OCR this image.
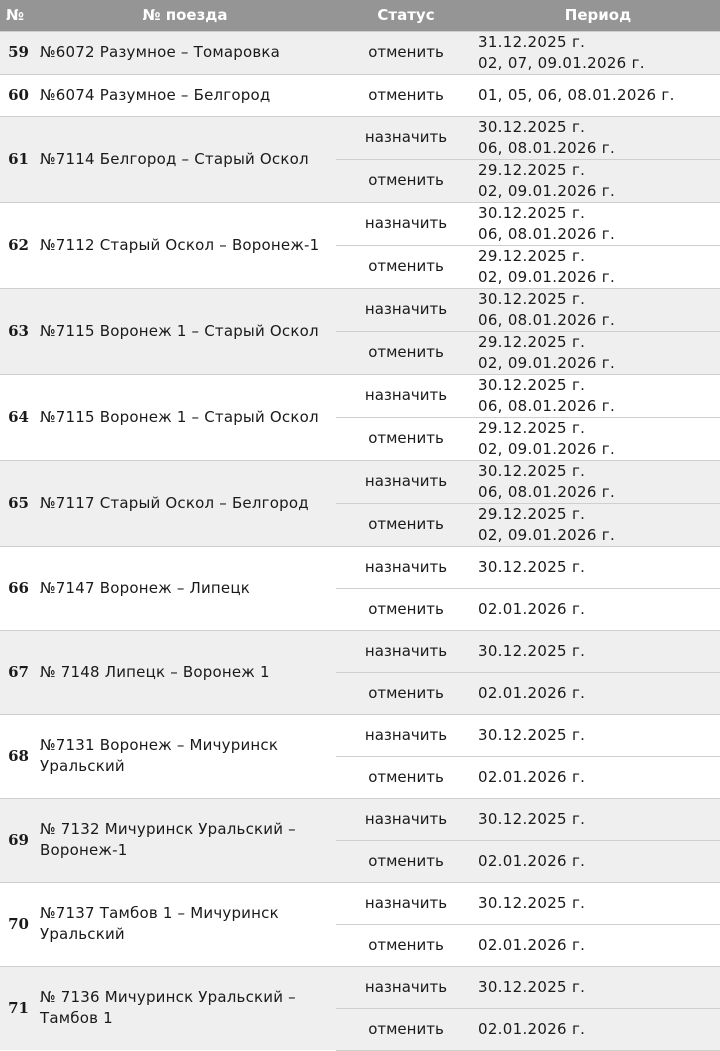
№	№ поезда	Статус	Период
59	№6072 Разумное – Томаровка	отменить	31.12.2025 г.
02, 07, 09.01.2026 г.
60	№6074 Разумное – Белгород	отменить	01, 05, 06, 08.01.2026 г.
61	№7114 Белгород – Старый Оскол	назначить	30.12.2025 г.
06, 08.01.2026 г.
		отменить	29.12.2025 г.
02, 09.01.2026 г.
62	№7112 Старый Оскол – Воронеж-1	назначить	30.12.2025 г.
06, 08.01.2026 г.
		отменить	29.12.2025 г.
02, 09.01.2026 г.
63	№7115 Воронеж 1 – Старый Оскол	назначить	30.12.2025 г.
06, 08.01.2026 г.
		отменить	29.12.2025 г.
02, 09.01.2026 г.
64	№7115 Воронеж 1 – Старый Оскол	назначить	30.12.2025 г.
06, 08.01.2026 г.
		отменить	29.12.2025 г.
02, 09.01.2026 г.
65	№7117 Старый Оскол – Белгород	назначить	30.12.2025 г.
06, 08.01.2026 г.
		отменить	29.12.2025 г.
02, 09.01.2026 г.
66	№7147 Воронеж – Липецк	назначить	30.12.2025 г.
		отменить	02.01.2026 г.
67	№ 7148 Липецк – Воронеж 1	назначить	30.12.2025 г.
		отменить	02.01.2026 г.
68	№7131 Воронеж – Мичуринск Уральский	назначить	30.12.2025 г.
		отменить	02.01.2026 г.
69	№ 7132 Мичуринск Уральский – Воронеж-1	назначить	30.12.2025 г.
		отменить	02.01.2026 г.
70	№7137 Тамбов 1 – Мичуринск Уральский	назначить	30.12.2025 г.
		отменить	02.01.2026 г.
71	№ 7136 Мичуринск Уральский – Тамбов 1	назначить	30.12.2025 г.
		отменить	02.01.2026 г.
